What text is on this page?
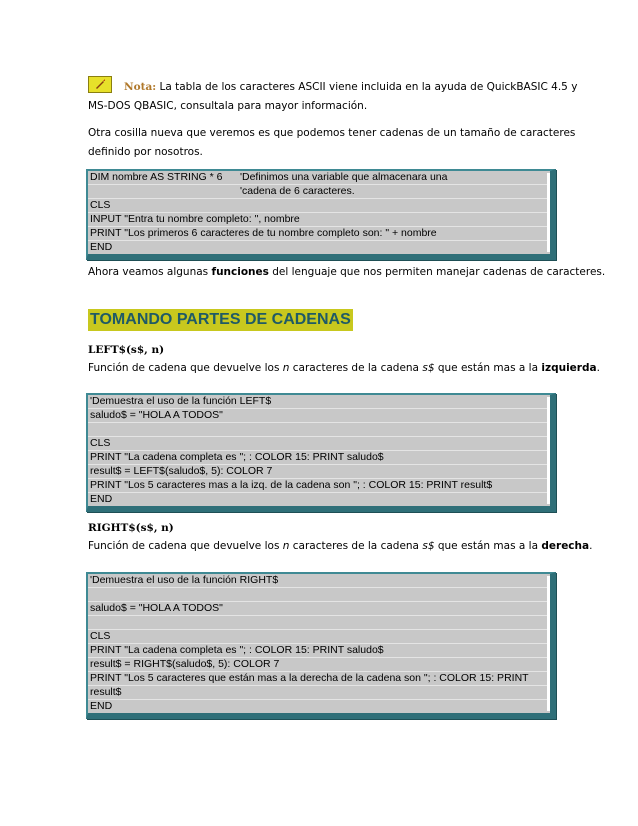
Nota: La tabla de los caracteres ASCII viene incluida en la ayuda de QuickBASIC 4.5 y
MS-DOS QBASIC, consultala para mayor información.
Otra cosilla nueva que veremos es que podemos tener cadenas de un tamaño de caracteres
definido por nosotros.
DIM nombre AS STRING * 6	'Definimos una variable que almacenara una
'cadena de 6 caracteres.
CLS
INPUT "Entra tu nombre completo: ", nombre
PRINT "Los primeros 6 caracteres de tu nombre completo son: " + nombre
END
Ahora veamos algunas funciones del lenguaje que nos permiten manejar cadenas de caracteres.
TOMANDO PARTES DE CADENAS
LEFT$(s$, n)
Función de cadena que devuelve los n caracteres de la cadena s$ que están mas a la izquierda.
'Demuestra el uso de la función LEFT$
saludo$ = "HOLA A TODOS"
CLS
PRINT "La cadena completa es "; : COLOR 15: PRINT saludo$
result$ = LEFT$(saludo$, 5): COLOR 7
PRINT "Los 5 caracteres mas a la izq. de la cadena son "; : COLOR 15: PRINT result$
END
RIGHT$(s$, n)
Función de cadena que devuelve los n caracteres de la cadena s$ que están mas a la derecha.
'Demuestra el uso de la función RIGHT$
saludo$ = "HOLA A TODOS"
CLS
PRINT "La cadena completa es "; : COLOR 15: PRINT saludo$
result$ = RIGHT$(saludo$, 5): COLOR 7
PRINT "Los 5 caracteres que están mas a la derecha de la cadena son "; : COLOR 15: PRINT
result$
END
